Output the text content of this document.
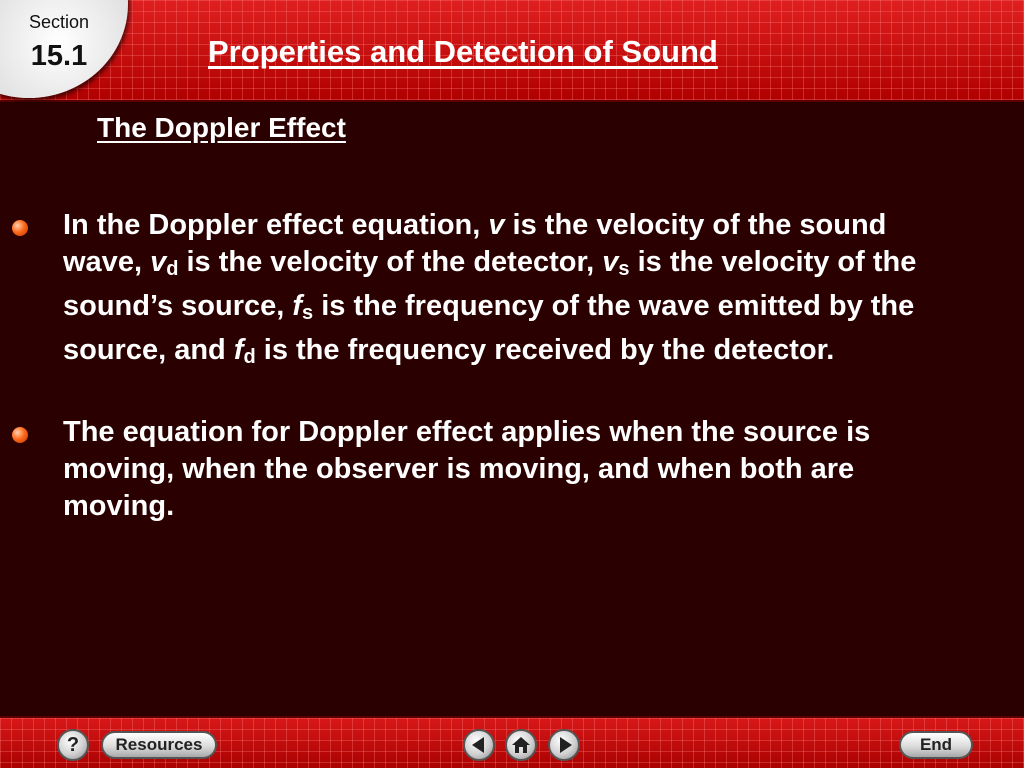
Section
15.1	Properties and Detection of Sound
The Doppler Effect
In the Doppler effect equation, v is the velocity of the sound wave, $v_d$ is the velocity of the detector, $v_s$ is the velocity of the sound’s source, $f_s$ is the frequency of the wave emitted by the source, and $f_d$ is the frequency received by the detector.
The equation for Doppler effect applies when the source is moving, when the observer is moving, and when both are moving.
?	Resources	End
